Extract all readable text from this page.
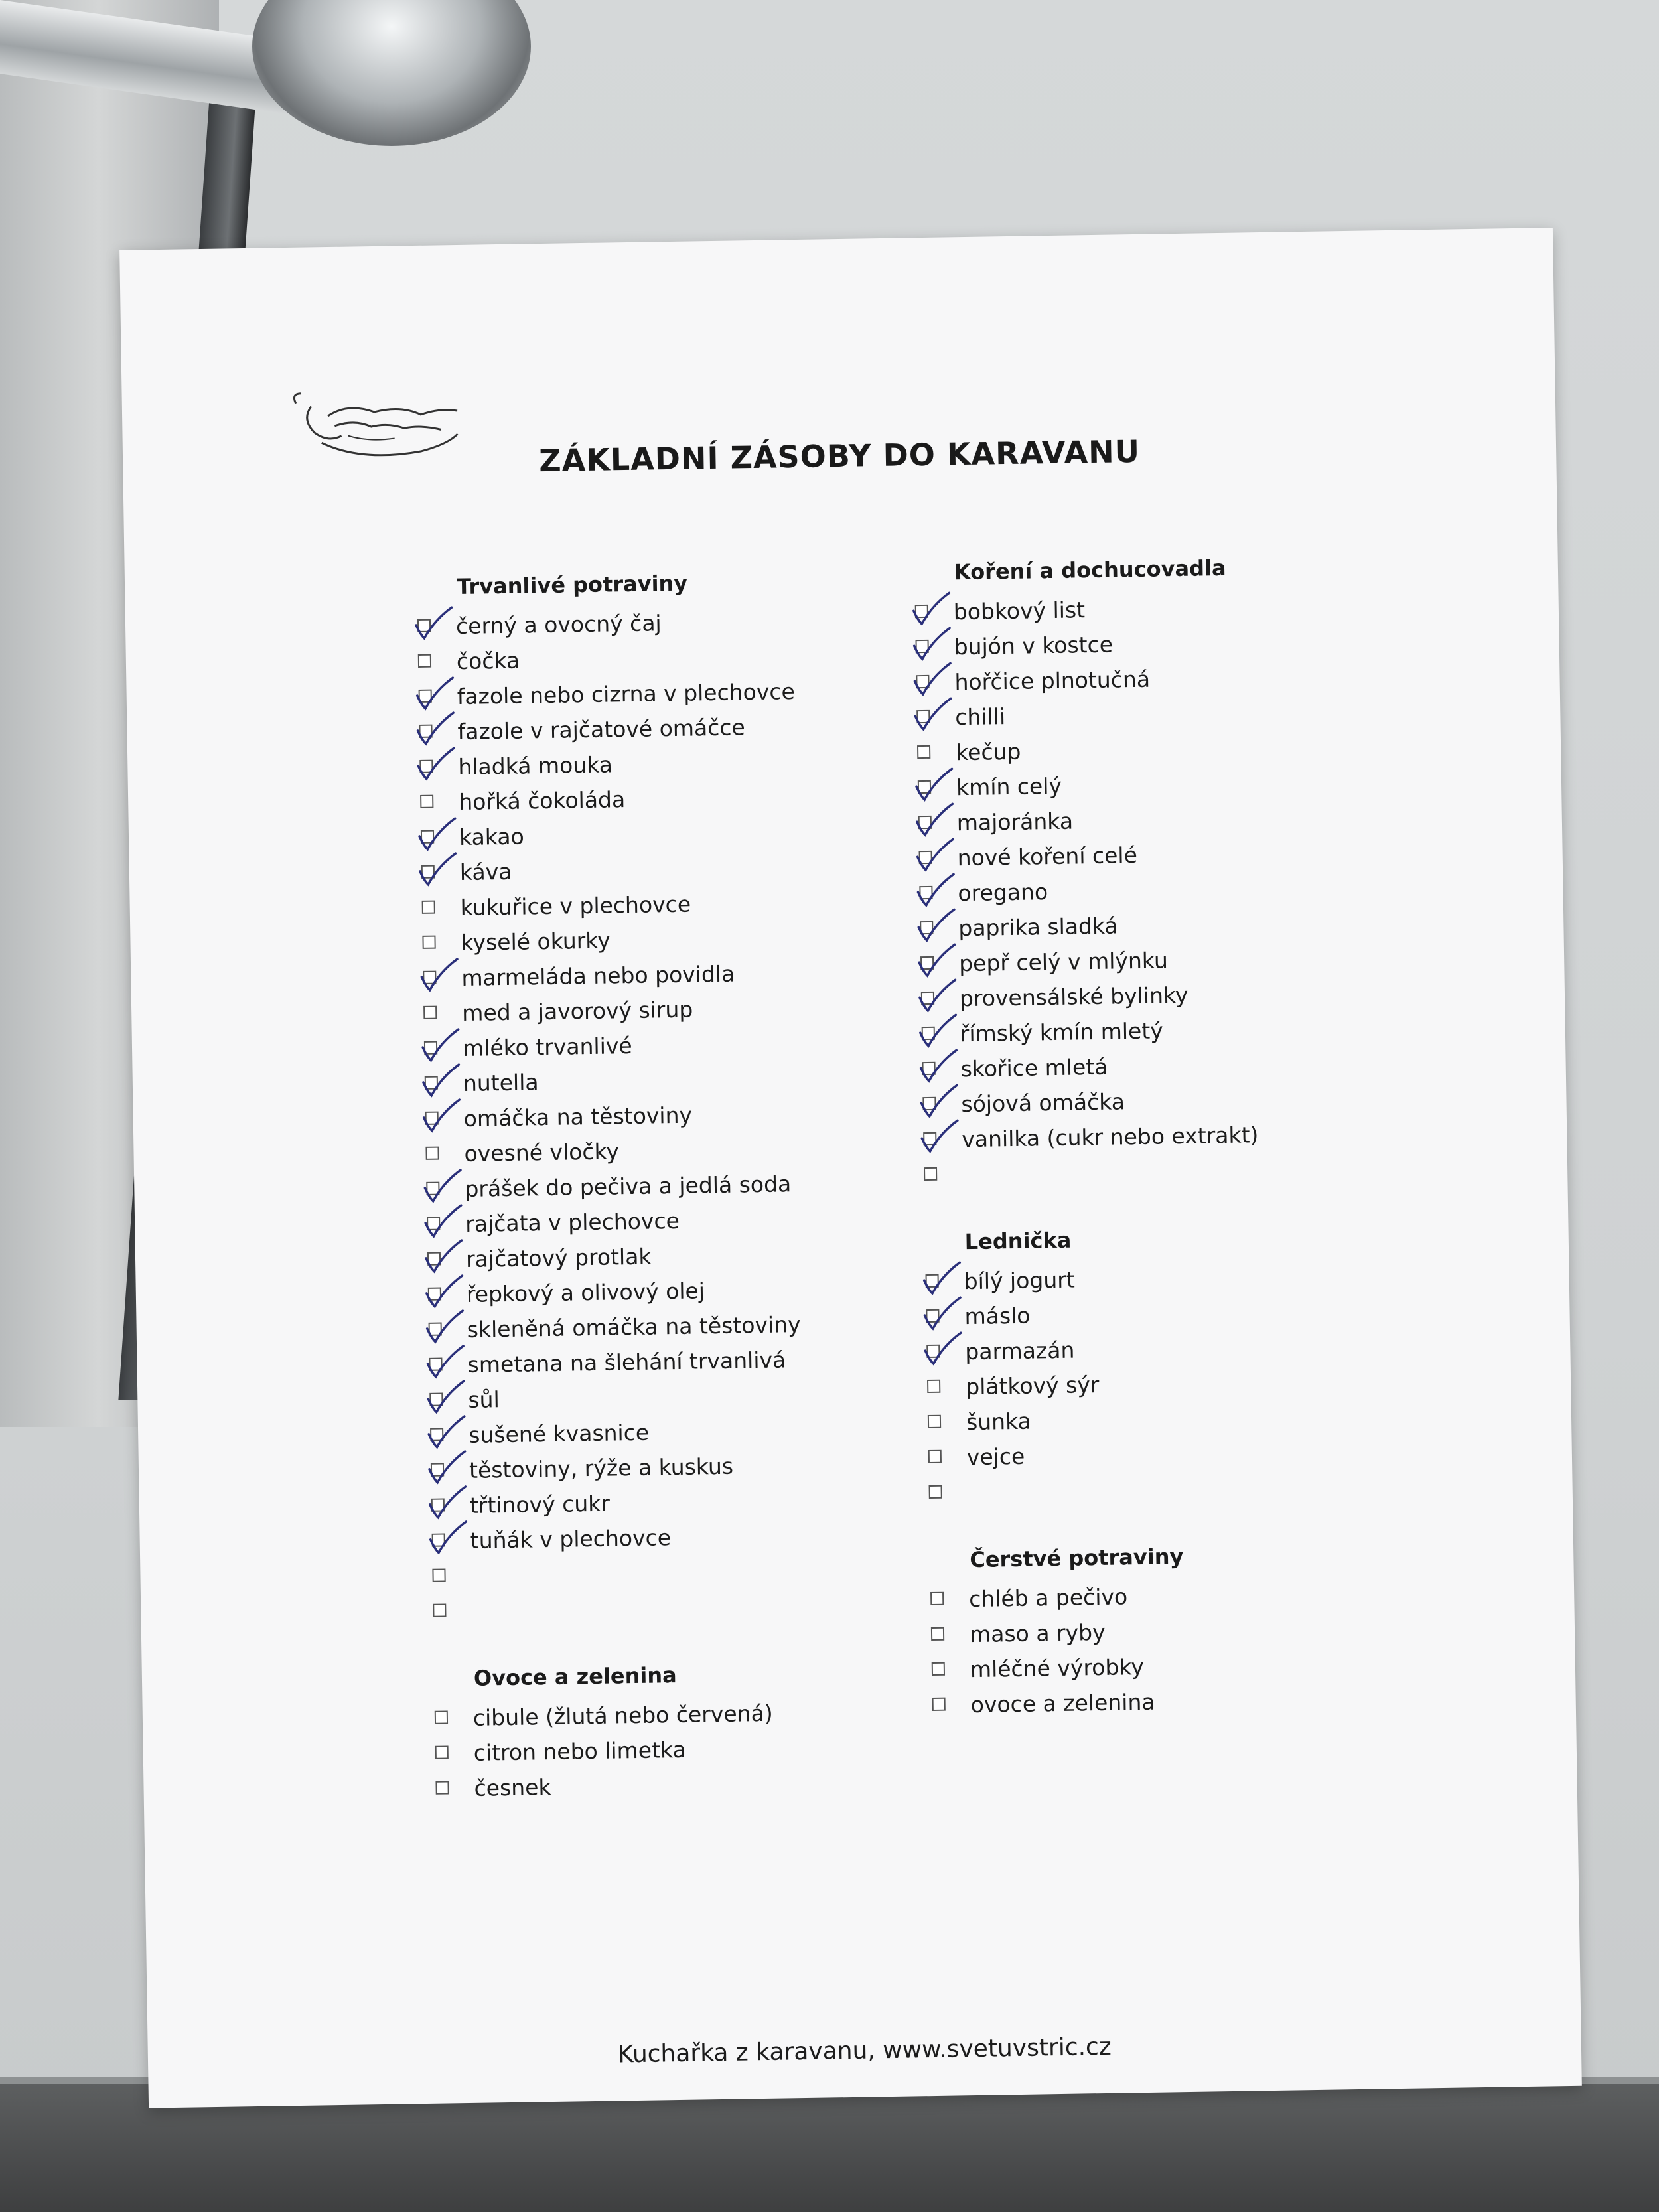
ZÁKLADNÍ ZÁSOBY DO KARAVANU
Trvanlivé potraviny
černý a ovocný čaj
čočka
fazole nebo cizrna v plechovce
fazole v rajčatové omáčce
hladká mouka
hořká čokoláda
kakao
káva
kukuřice v plechovce
kyselé okurky
marmeláda nebo povidla
med a javorový sirup
mléko trvanlivé
nutella
omáčka na těstoviny
ovesné vločky
prášek do pečiva a jedlá soda
rajčata v plechovce
rajčatový protlak
řepkový a olivový olej
skleněná omáčka na těstoviny
smetana na šlehání trvanlivá
sůl
sušené kvasnice
těstoviny, rýže a kuskus
třtinový cukr
tuňák v plechovce
Ovoce a zelenina
cibule (žlutá nebo červená)
citron nebo limetka
česnek
Koření a dochucovadla
bobkový list
bujón v kostce
hořčice plnotučná
chilli
kečup
kmín celý
majoránka
nové koření celé
oregano
paprika sladká
pepř celý v mlýnku
provensálské bylinky
římský kmín mletý
skořice mletá
sójová omáčka
vanilka (cukr nebo extrakt)
Lednička
bílý jogurt
máslo
parmazán
plátkový sýr
šunka
vejce
Čerstvé potraviny
chléb a pečivo
maso a ryby
mléčné výrobky
ovoce a zelenina
Kuchařka z karavanu, www.svetuvstric.cz
